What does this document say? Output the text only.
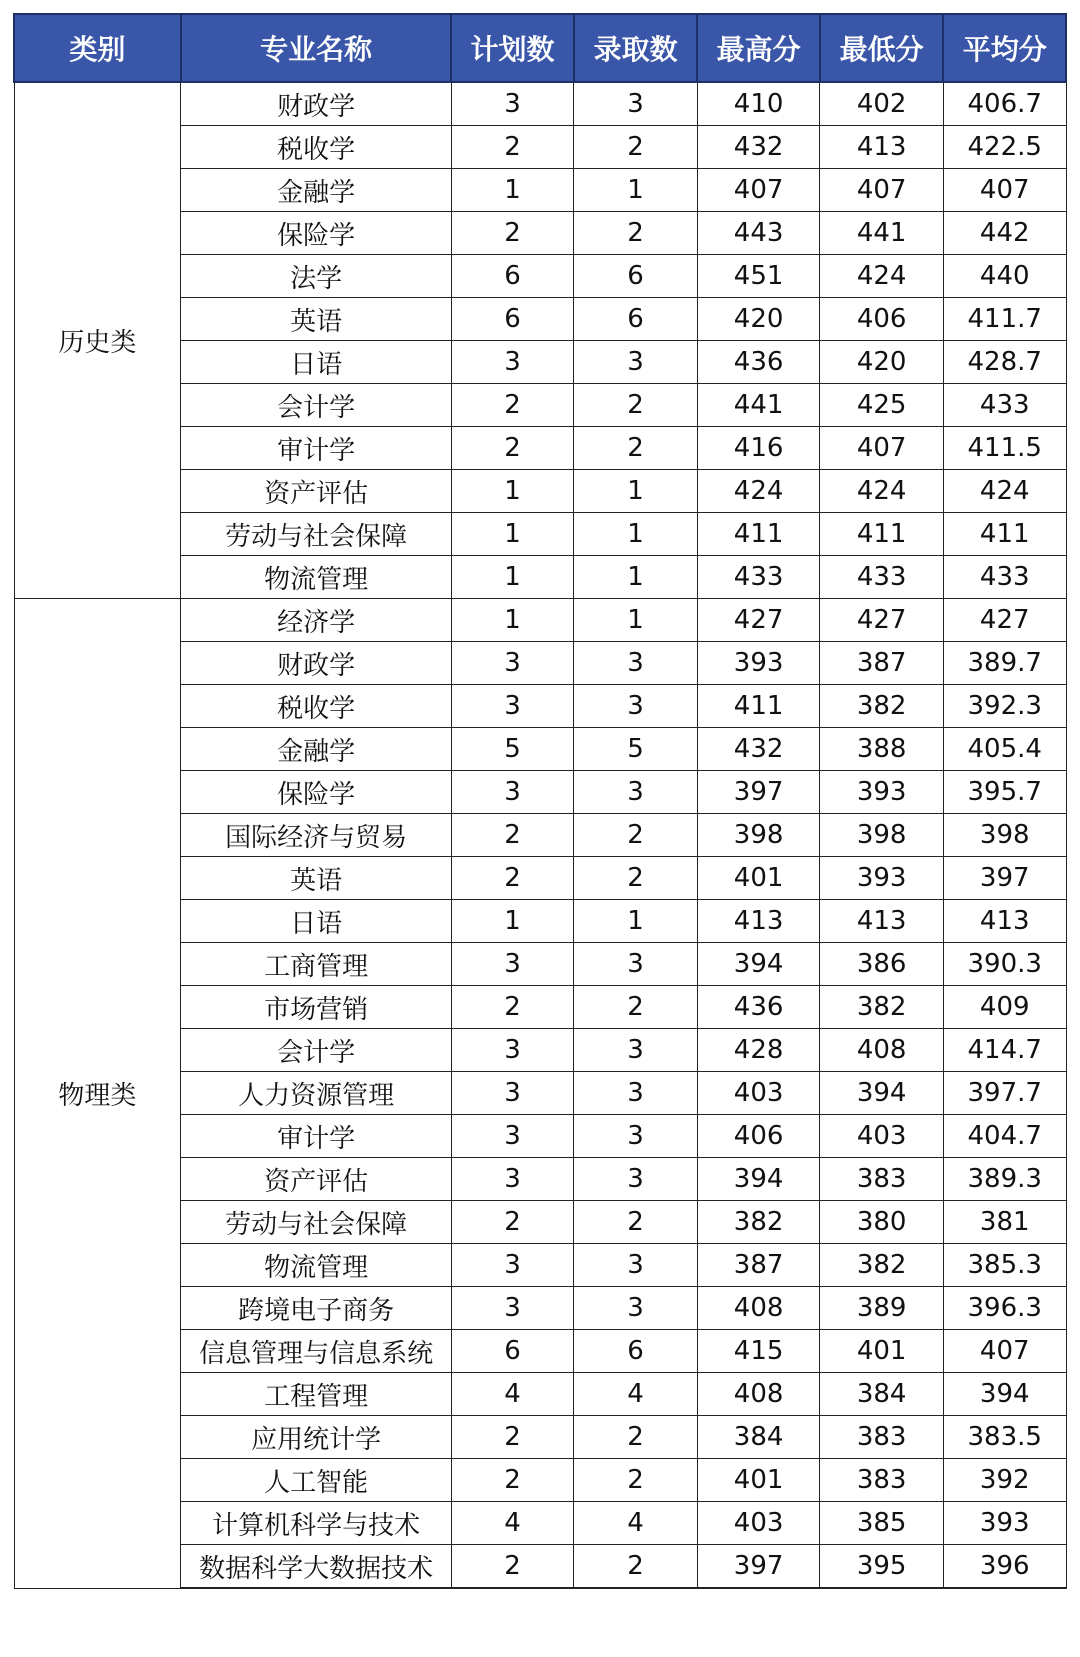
类别	专业名称	计划数	录取数	最高分	最低分	平均分
历史类	财政学	3	3	410	402	406.7
	税收学	2	2	432	413	422.5
	金融学	1	1	407	407	407
	保险学	2	2	443	441	442
	法学	6	6	451	424	440
	英语	6	6	420	406	411.7
	日语	3	3	436	420	428.7
	会计学	2	2	441	425	433
	审计学	2	2	416	407	411.5
	资产评估	1	1	424	424	424
	劳动与社会保障	1	1	411	411	411
	物流管理	1	1	433	433	433
物理类	经济学	1	1	427	427	427
	财政学	3	3	393	387	389.7
	税收学	3	3	411	382	392.3
	金融学	5	5	432	388	405.4
	保险学	3	3	397	393	395.7
	国际经济与贸易	2	2	398	398	398
	英语	2	2	401	393	397
	日语	1	1	413	413	413
	工商管理	3	3	394	386	390.3
	市场营销	2	2	436	382	409
	会计学	3	3	428	408	414.7
	人力资源管理	3	3	403	394	397.7
	审计学	3	3	406	403	404.7
	资产评估	3	3	394	383	389.3
	劳动与社会保障	2	2	382	380	381
	物流管理	3	3	387	382	385.3
	跨境电子商务	3	3	408	389	396.3
	信息管理与信息系统	6	6	415	401	407
	工程管理	4	4	408	384	394
	应用统计学	2	2	384	383	383.5
	人工智能	2	2	401	383	392
	计算机科学与技术	4	4	403	385	393
	数据科学大数据技术	2	2	397	395	396
